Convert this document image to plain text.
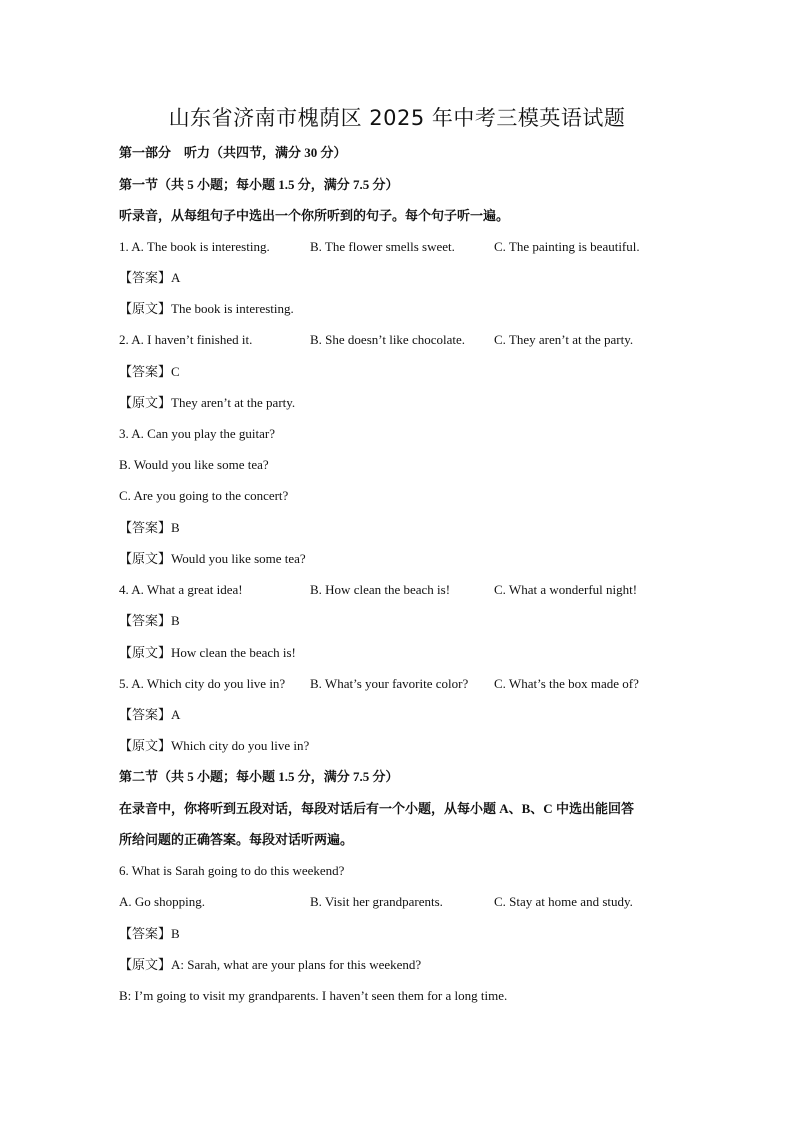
山东省济南市槐荫区 2025 年中考三模英语试题
第一部分　听力（共四节，满分 30 分）
第一节（共 5 小题；每小题 1.5 分，满分 7.5 分）
听录音，从每组句子中选出一个你所听到的句子。每个句子听一遍。
1. A. The book is interesting.	B. The flower smells sweet.	C. The painting is beautiful.
【答案】A
【原文】The book is interesting.
2. A. I haven’t finished it.	B. She doesn’t like chocolate. C. They aren’t at the party.
【答案】C
【原文】They aren’t at the party.
3. A. Can you play the guitar?
B. Would you like some tea?
C. Are you going to the concert?
【答案】B
【原文】Would you like some tea?
4. A. What a great idea!	B. How clean the beach is!	C. What a wonderful night!
【答案】B
【原文】How clean the beach is!
5. A. Which city do you live in? B. What’s your favorite color? C. What’s the box made of?
【答案】A
【原文】Which city do you live in?
第二节（共 5 小题；每小题 1.5 分，满分 7.5 分）
在录音中，你将听到五段对话，每段对话后有一个小题，从每小题 A、B、C 中选出能回答
所给问题的正确答案。每段对话听两遍。
6. What is Sarah going to do this weekend?
A. Go shopping.	B. Visit her grandparents.	C. Stay at home and study.
【答案】B
【原文】A: Sarah, what are your plans for this weekend?
B: I’m going to visit my grandparents. I haven’t seen them for a long time.
